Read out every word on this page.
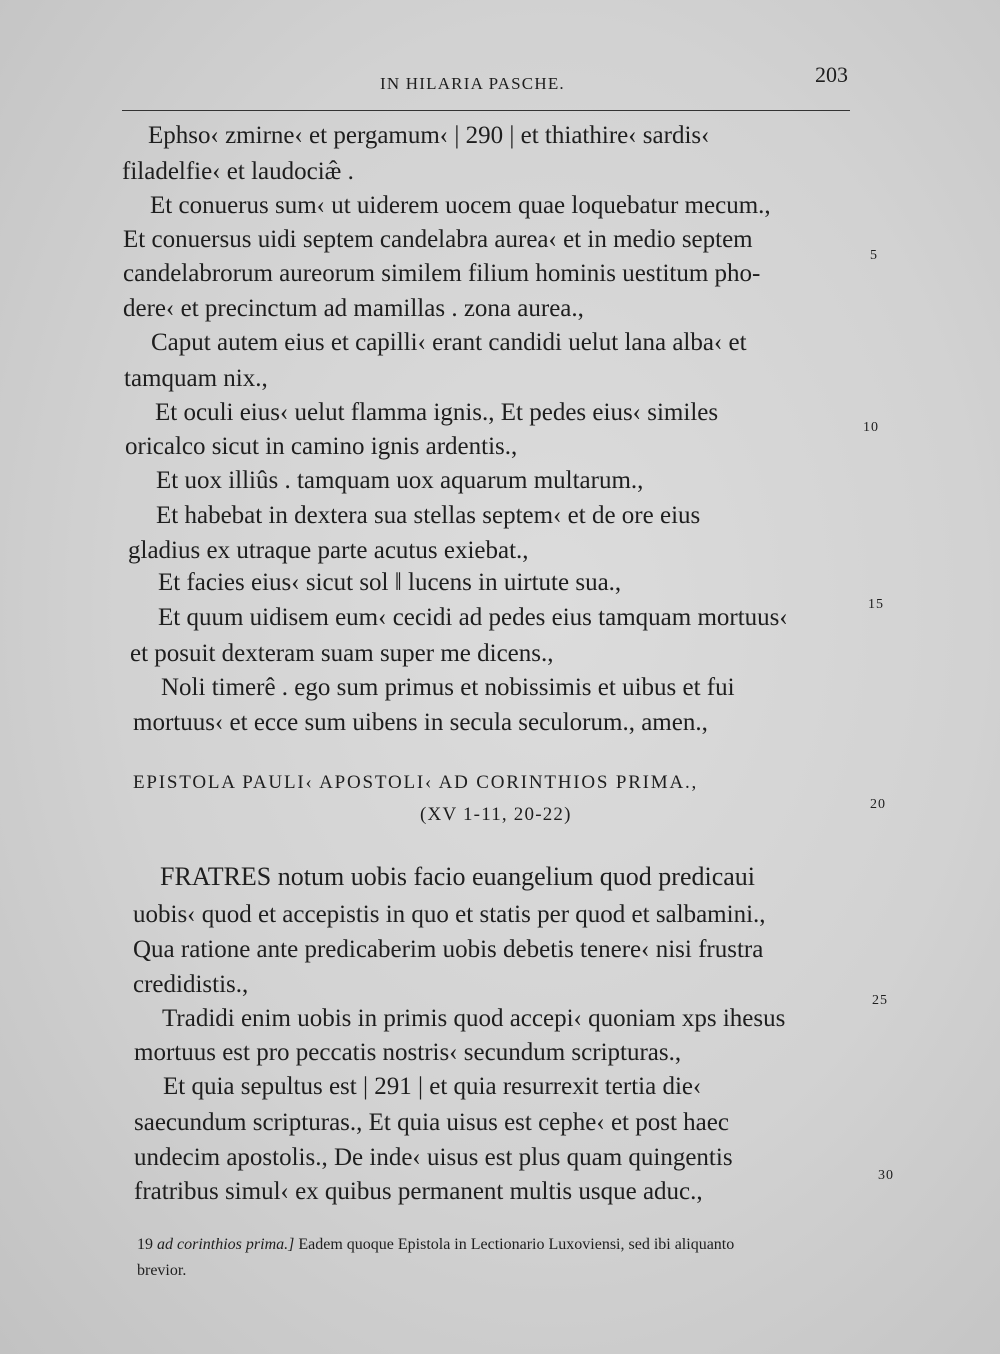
IN HILARIA PASCHE.	203
Ephso‹ zmirne‹ et pergamum‹ | 290 | et thiathire‹ sardis‹
filadelfie‹ et laudociæ̂ .
Et conuerus sum‹ ut uiderem uocem quae loquebatur mecum.,
Et conuersus uidi septem candelabra aurea‹ et in medio septem
candelabrorum aureorum similem filium hominis uestitum pho-
dere‹ et precinctum ad mamillas . zona aurea.,
Caput autem eius et capilli‹ erant candidi uelut lana alba‹ et
tamquam nix.,
Et oculi eius‹ uelut flamma ignis., Et pedes eius‹ similes
oricalco sicut in camino ignis ardentis.,
Et uox illiûs . tamquam uox aquarum multarum.,
Et habebat in dextera sua stellas septem‹ et de ore eius
gladius ex utraque parte acutus exiebat.,
Et facies eius‹ sicut sol ‖ lucens in uirtute sua.,
Et quum uidisem eum‹ cecidi ad pedes eius tamquam mortuus‹
et posuit dexteram suam super me dicens.,
Noli timerê . ego sum primus et nobissimis et uibus et fui
mortuus‹ et ecce sum uibens in secula seculorum., amen.,
EPISTOLA PAULI‹ APOSTOLI‹ AD CORINTHIOS PRIMA.,
(XV 1-11, 20-22)
FRATRES notum uobis facio euangelium quod predicaui
uobis‹ quod et accepistis in quo et statis per quod et salbamini.,
Qua ratione ante predicaberim uobis debetis tenere‹ nisi frustra
credidistis.,
Tradidi enim uobis in primis quod accepi‹ quoniam xps ihesus
mortuus est pro peccatis nostris‹ secundum scripturas.,
Et quia sepultus est | 291 | et quia resurrexit tertia die‹
saecundum scripturas., Et quia uisus est cephe‹ et post haec
undecim apostolis., De inde‹ uisus est plus quam quingentis
fratribus simul‹ ex quibus permanent multis usque aduc.,
5
10
15
20
25
30
19 ad corinthios prima.] Eadem quoque Epistola in Lectionario Luxoviensi, sed ibi aliquanto
brevior.
